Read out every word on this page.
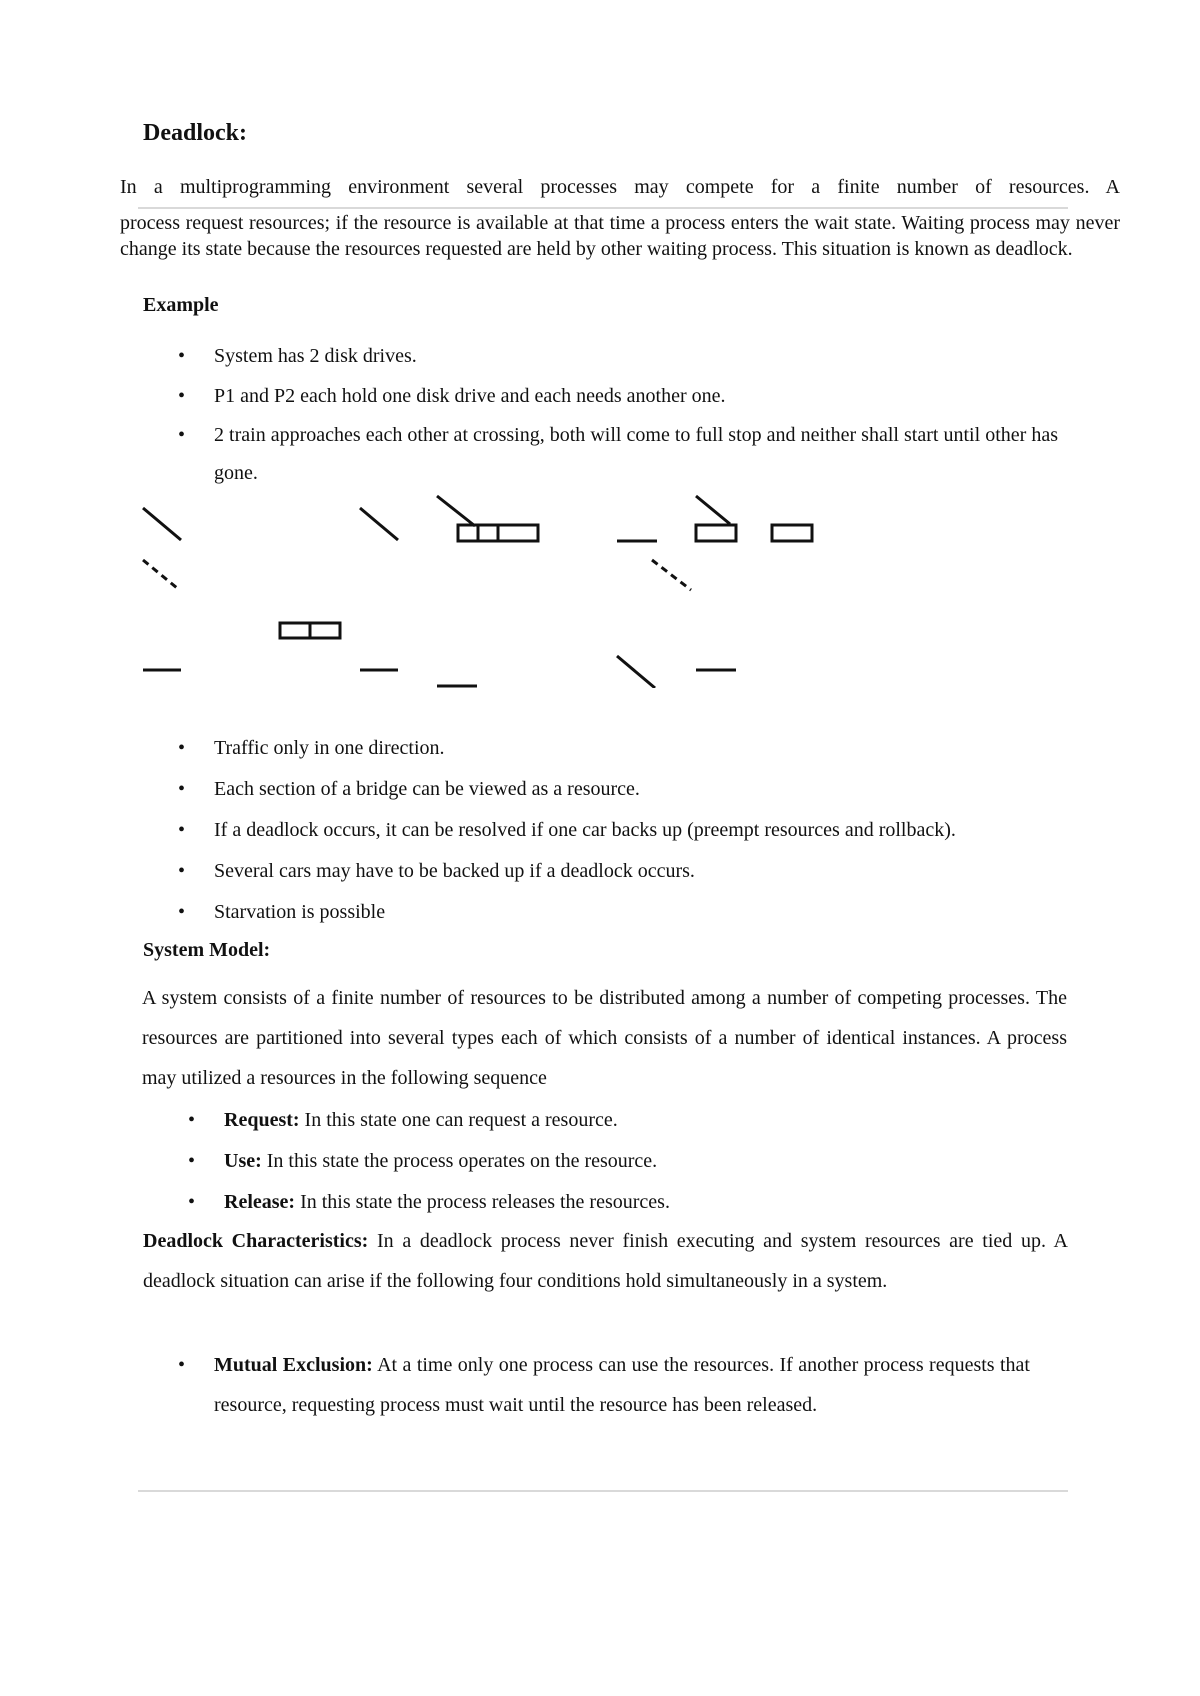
Deadlock:

In a multiprogramming environment several processes may compete for a finite number of resources. A

process request resources; if the resource is available at that time a process enters the wait state. Waiting process may never change its state because the resources requested are held by other waiting process. This situation is known as deadlock.

Example
• System has 2 disk drives.
• P1 and P2 each hold one disk drive and each needs another one.
• 2 train approaches each other at crossing, both will come to full stop and neither shall start until other has gone.
• Traffic only in one direction.
• Each section of a bridge can be viewed as a resource.
• If a deadlock occurs, it can be resolved if one car backs up (preempt resources and rollback).
• Several cars may have to be backed up if a deadlock occurs.
• Starvation is possible
System Model:

A system consists of a finite number of resources to be distributed among a number of competing processes. The resources are partitioned into several types each of which consists of a number of identical instances. A process may utilized a resources in the following sequence

• Request: In this state one can request a resource.
• Use: In this state the process operates on the resource.
• Release: In this state the process releases the resources.

Deadlock Characteristics: In a deadlock process never finish executing and system resources are tied up. A deadlock situation can arise if the following four conditions hold simultaneously in a system.

• Mutual Exclusion: At a time only one process can use the resources. If another process requests that resource, requesting process must wait until the resource has been released.
